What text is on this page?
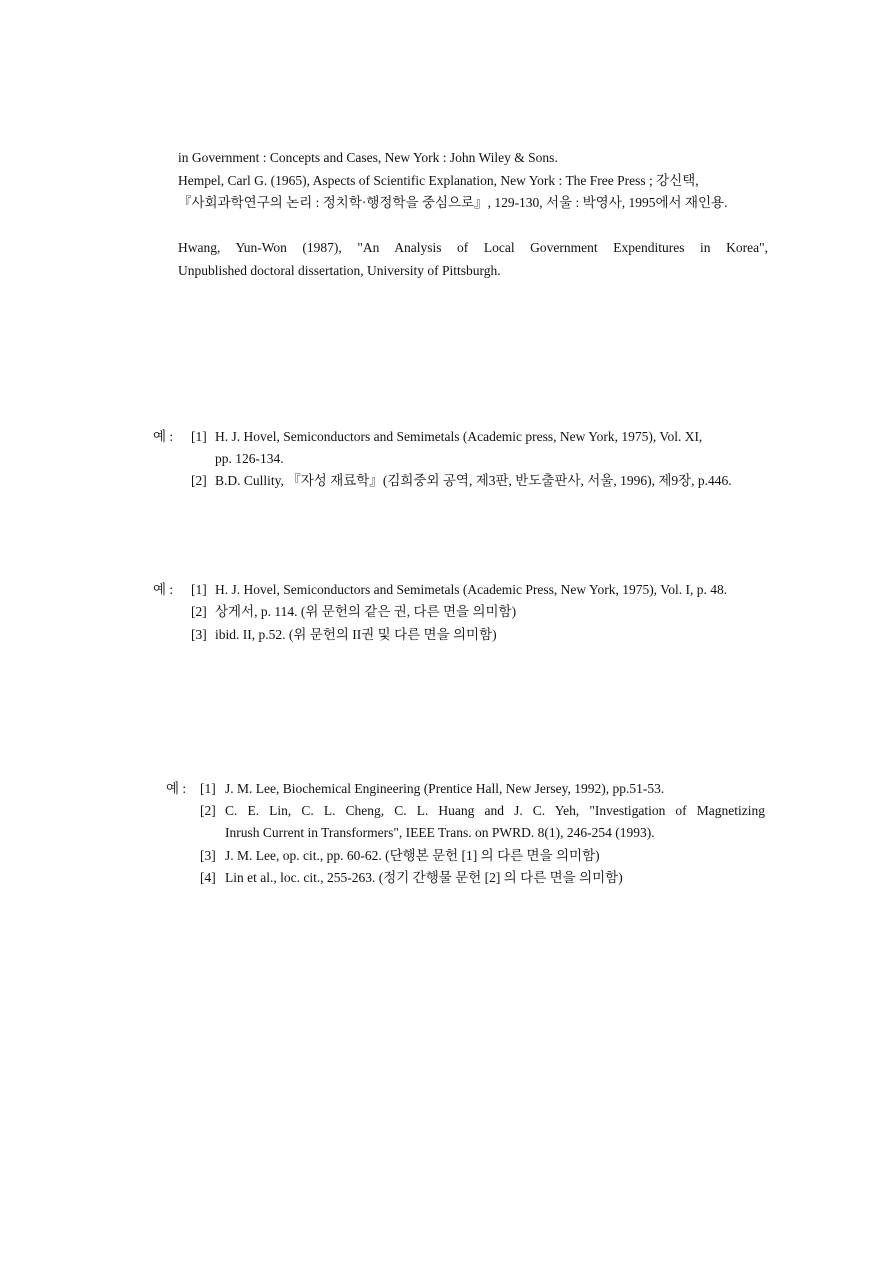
in Government : Concepts and Cases, New York : John Wiley & Sons.
Hempel, Carl G. (1965), Aspects of Scientific Explanation, New York : The Free Press ; 강신택,
『사회과학연구의 논리 : 정치학·행정학을 중심으로』, 129-130, 서울 : 박영사, 1995에서 재인용.
Hwang, Yun-Won (1987), "An Analysis of Local Government Expenditures in Korea",
Unpublished doctoral dissertation, University of Pittsburgh.
예 : [1] H. J. Hovel, Semiconductors and Semimetals (Academic press, New York, 1975), Vol. XI,
pp. 126-134.
[2] B.D. Cullity, 『자성 재료학』(김희중외 공역, 제3판, 반도출판사, 서울, 1996), 제9장, p.446.
예 : [1] H. J. Hovel, Semiconductors and Semimetals (Academic Press, New York, 1975), Vol. I, p. 48.
[2] 상게서, p. 114. (위 문헌의 같은 권, 다른 면을 의미함)
[3] ibid. II, p.52. (위 문헌의 II권 및 다른 면을 의미함)
예 : [1] J. M. Lee, Biochemical Engineering (Prentice Hall, New Jersey, 1992), pp.51-53.
[2] C. E. Lin, C. L. Cheng, C. L. Huang and J. C. Yeh, "Investigation of Magnetizing
Inrush Current in Transformers", IEEE Trans. on PWRD. 8(1), 246-254 (1993).
[3] J. M. Lee, op. cit., pp. 60-62. (단행본 문헌 [1] 의 다른 면을 의미함)
[4] Lin et al., loc. cit., 255-263. (정기 간행물 문헌 [2] 의 다른 면을 의미함)
